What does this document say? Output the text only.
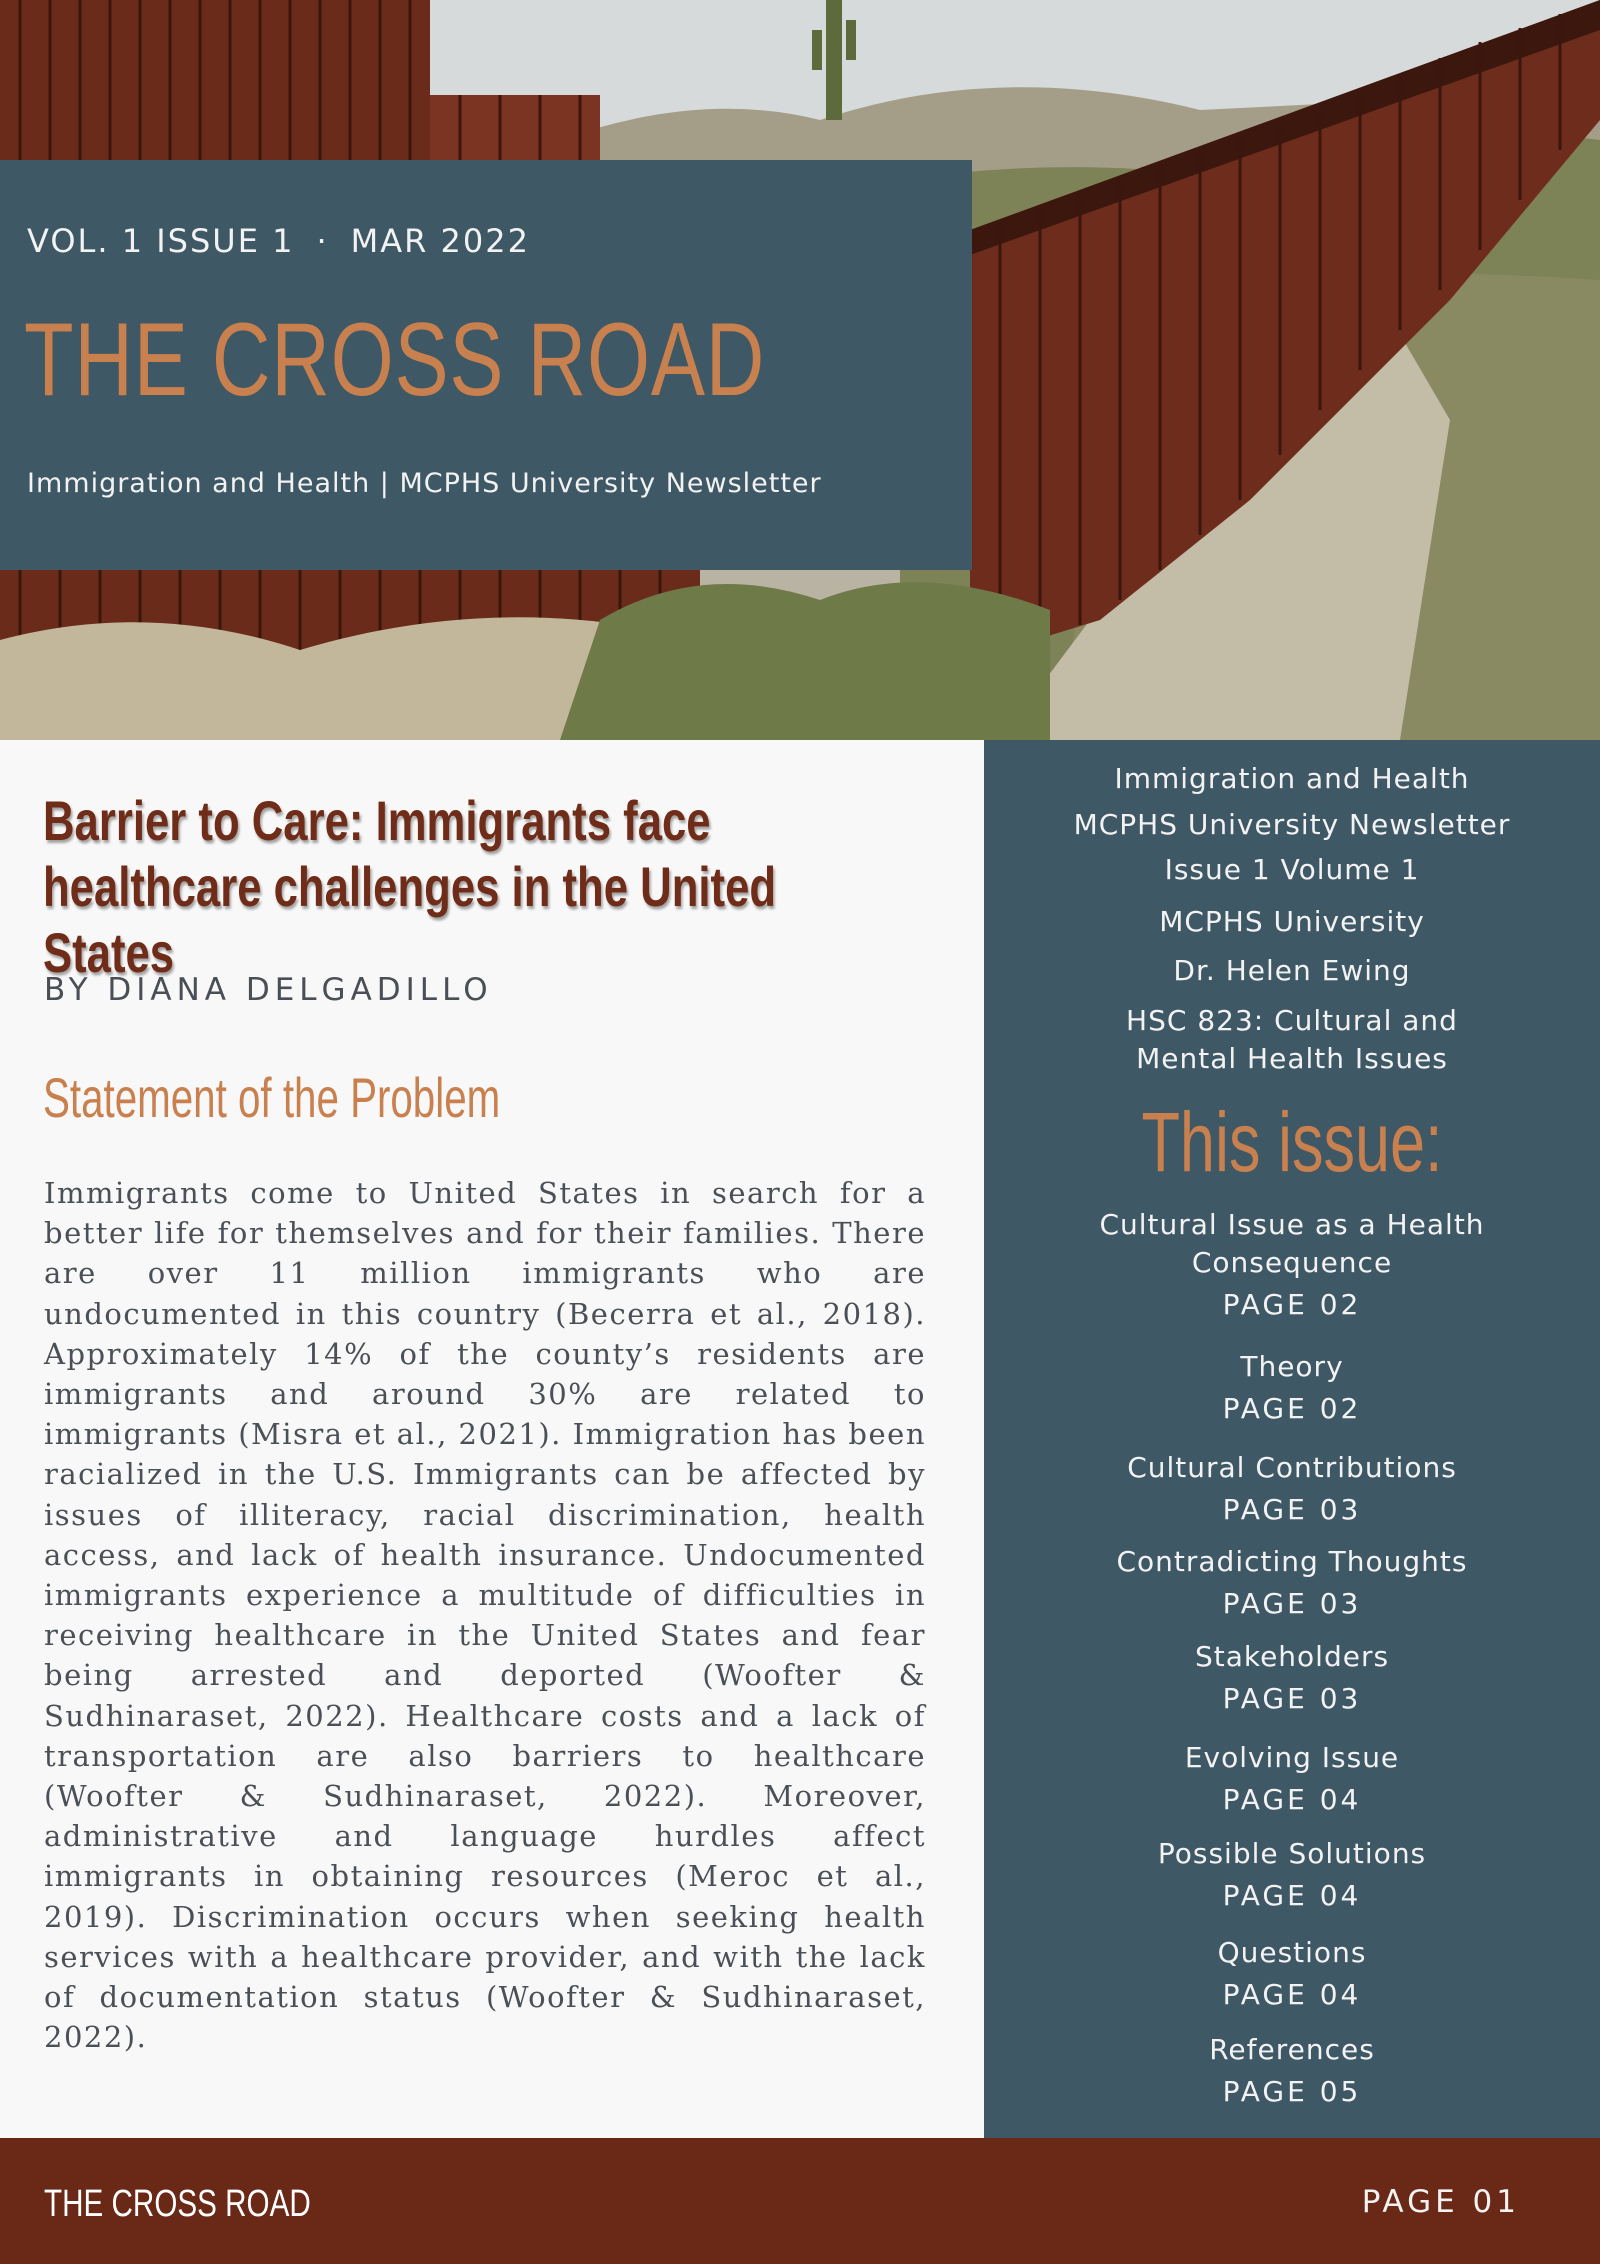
VOL. 1 ISSUE 1 · MAR 2022
THE CROSS ROAD
Immigration and Health | MCPHS University Newsletter
Barrier to Care: Immigrants face healthcare challenges in the United States
BY DIANA DELGADILLO
Statement of the Problem
Immigrants come to United States in search for a better life for themselves and for their families. There are over 11 million immigrants who are undocumented in this country (Becerra et al., 2018). Approximately 14% of the county’s residents are immigrants and around 30% are related to immigrants (Misra et al., 2021). Immigration has been racialized in the U.S. Immigrants can be affected by issues of illiteracy, racial discrimination, health access, and lack of health insurance. Undocumented immigrants experience a multitude of difficulties in receiving healthcare in the United States and fear being arrested and deported (Woofter & Sudhinaraset, 2022). Healthcare costs and a lack of transportation are also barriers to healthcare (Woofter & Sudhinaraset, 2022). Moreover, administrative and language hurdles affect immigrants in obtaining resources (Meroc et al., 2019). Discrimination occurs when seeking health services with a healthcare provider, and with the lack of documentation status (Woofter & Sudhinaraset, 2022).
Immigration and Health
MCPHS University Newsletter
Issue 1 Volume 1
MCPHS University
Dr. Helen Ewing
HSC 823: Cultural and
Mental Health Issues
This issue:
Cultural Issue as a Health Consequence
PAGE 02
Theory
PAGE 02
Cultural Contributions
PAGE 03
Contradicting Thoughts
PAGE 03
Stakeholders
PAGE 03
Evolving Issue
PAGE 04
Possible Solutions
PAGE 04
Questions
PAGE 04
References
PAGE 05
THE CROSS ROAD	PAGE 01
